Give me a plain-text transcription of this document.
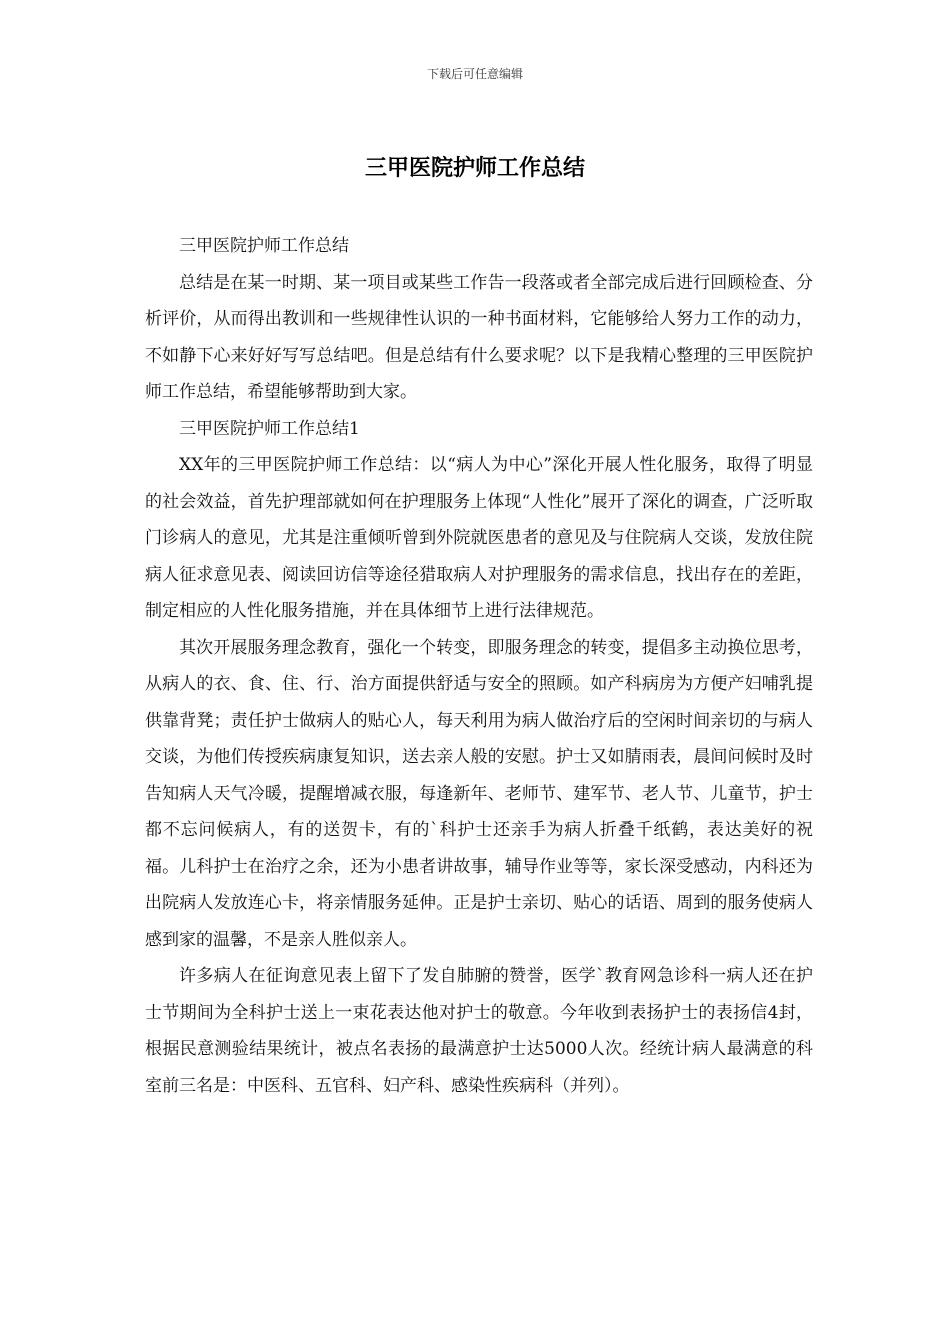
下载后可任意编辑
三甲医院护师工作总结

三甲医院护师工作总结

总结是在某一时期、某一项目或某些工作告一段落或者全部完成后进行回顾检查、分析评价，从而得出教训和一些规律性认识的一种书面材料，它能够给人努力工作的动力，不如静下心来好好写写总结吧。但是总结有什么要求呢？以下是我精心整理的三甲医院护师工作总结，希望能够帮助到大家。

三甲医院护师工作总结1

XX年的三甲医院护师工作总结：以“病人为中心”深化开展人性化服务，取得了明显的社会效益，首先护理部就如何在护理服务上体现“人性化”展开了深化的调查，广泛听取门诊病人的意见，尤其是注重倾听曾到外院就医患者的意见及与住院病人交谈，发放住院病人征求意见表、阅读回访信等途径猎取病人对护理服务的需求信息，找出存在的差距，制定相应的人性化服务措施，并在具体细节上进行法律规范。

其次开展服务理念教育，强化一个转变，即服务理念的转变，提倡多主动换位思考，从病人的衣、食、住、行、治方面提供舒适与安全的照顾。如产科病房为方便产妇哺乳提供靠背凳；责任护士做病人的贴心人，每天利用为病人做治疗后的空闲时间亲切的与病人交谈，为他们传授疾病康复知识，送去亲人般的安慰。护士又如腈雨表，晨间问候时及时告知病人天气冷暖，提醒增减衣服，每逢新年、老师节、建军节、老人节、儿童节，护士都不忘问候病人，有的送贺卡，有的`科护士还亲手为病人折叠千纸鹤，表达美好的祝福。儿科护士在治疗之余，还为小患者讲故事，辅导作业等等，家长深受感动，内科还为出院病人发放连心卡，将亲情服务延伸。正是护士亲切、贴心的话语、周到的服务使病人感到家的温馨，不是亲人胜似亲人。

许多病人在征询意见表上留下了发自肺腑的赞誉，医学`教育网急诊科一病人还在护士节期间为全科护士送上一束花表达他对护士的敬意。今年收到表扬护士的表扬信4封，根据民意测验结果统计，被点名表扬的最满意护士达5000人次。经统计病人最满意的科室前三名是：中医科、五官科、妇产科、感染性疾病科（并列）。
